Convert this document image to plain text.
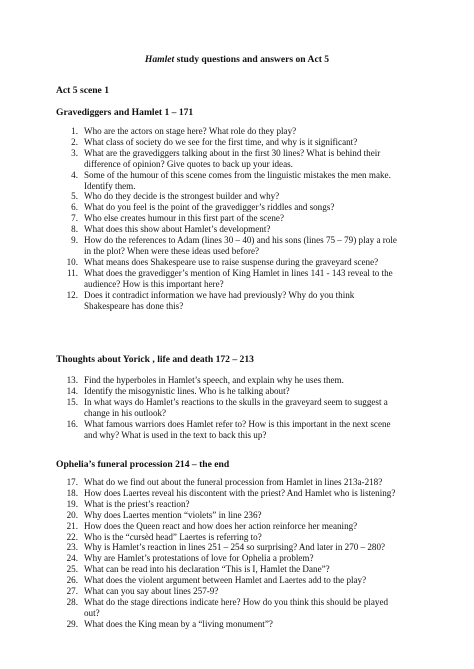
Hamlet study questions and answers on Act 5
Act 5 scene 1
Gravediggers and Hamlet 1 – 171
1. Who are the actors on stage here? What role do they play?
2. What class of society do we see for the first time, and why is it significant?
3. What are the gravediggers talking about in the first 30 lines? What is behind their
difference of opinion? Give quotes to back up your ideas.
4. Some of the humour of this scene comes from the linguistic mistakes the men make.
Identify them.
5. Who do they decide is the strongest builder and why?
6. What do you feel is the point of the gravedigger’s riddles and songs?
7. Who else creates humour in this first part of the scene?
8. What does this show about Hamlet’s development?
9. How do the references to Adam (lines 30 – 40) and his sons (lines 75 – 79) play a role
in the plot? When were these ideas used before?
10. What means does Shakespeare use to raise suspense during the graveyard scene?
11. What does the gravedigger’s mention of King Hamlet in lines 141 - 143 reveal to the
audience? How is this important here?
12. Does it contradict information we have had previously? Why do you think
Shakespeare has done this?
Thoughts about Yorick , life and death 172 – 213
13. Find the hyperboles in Hamlet’s speech, and explain why he uses them.
14. Identify the misogynistic lines. Who is he talking about?
15. In what ways do Hamlet’s reactions to the skulls in the graveyard seem to suggest a
change in his outlook?
16. What famous warriors does Hamlet refer to? How is this important in the next scene
and why? What is used in the text to back this up?
Ophelia’s funeral procession 214 – the end
17. What do we find out about the funeral procession from Hamlet in lines 213a-218?
18. How does Laertes reveal his discontent with the priest? And Hamlet who is listening?
19. What is the priest’s reaction?
20. Why does Laertes mention “violets” in line 236?
21. How does the Queen react and how does her action reinforce her meaning?
22. Who is the “cursèd head” Laertes is referring to?
23. Why is Hamlet’s reaction in lines 251 – 254 so surprising? And later in 270 – 280?
24. Why are Hamlet’s protestations of love for Ophelia a problem?
25. What can be read into his declaration “This is I, Hamlet the Dane”?
26. What does the violent argument between Hamlet and Laertes add to the play?
27. What can you say about lines 257-9?
28. What do the stage directions indicate here? How do you think this should be played
out?
29. What does the King mean by a “living monument”?
